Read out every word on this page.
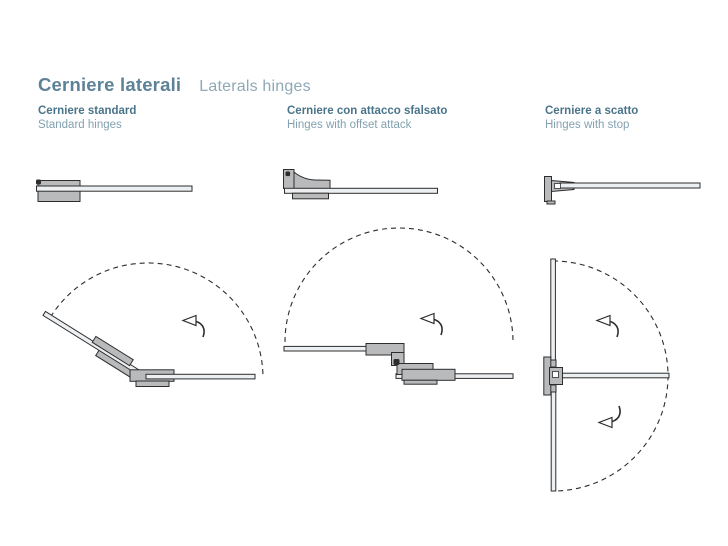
Cerniere laterali Laterals hinges
Cerniere standard
Standard hinges
Cerniere con attacco sfalsato
Hinges with offset attack
Cerniere a scatto
Hinges with stop
